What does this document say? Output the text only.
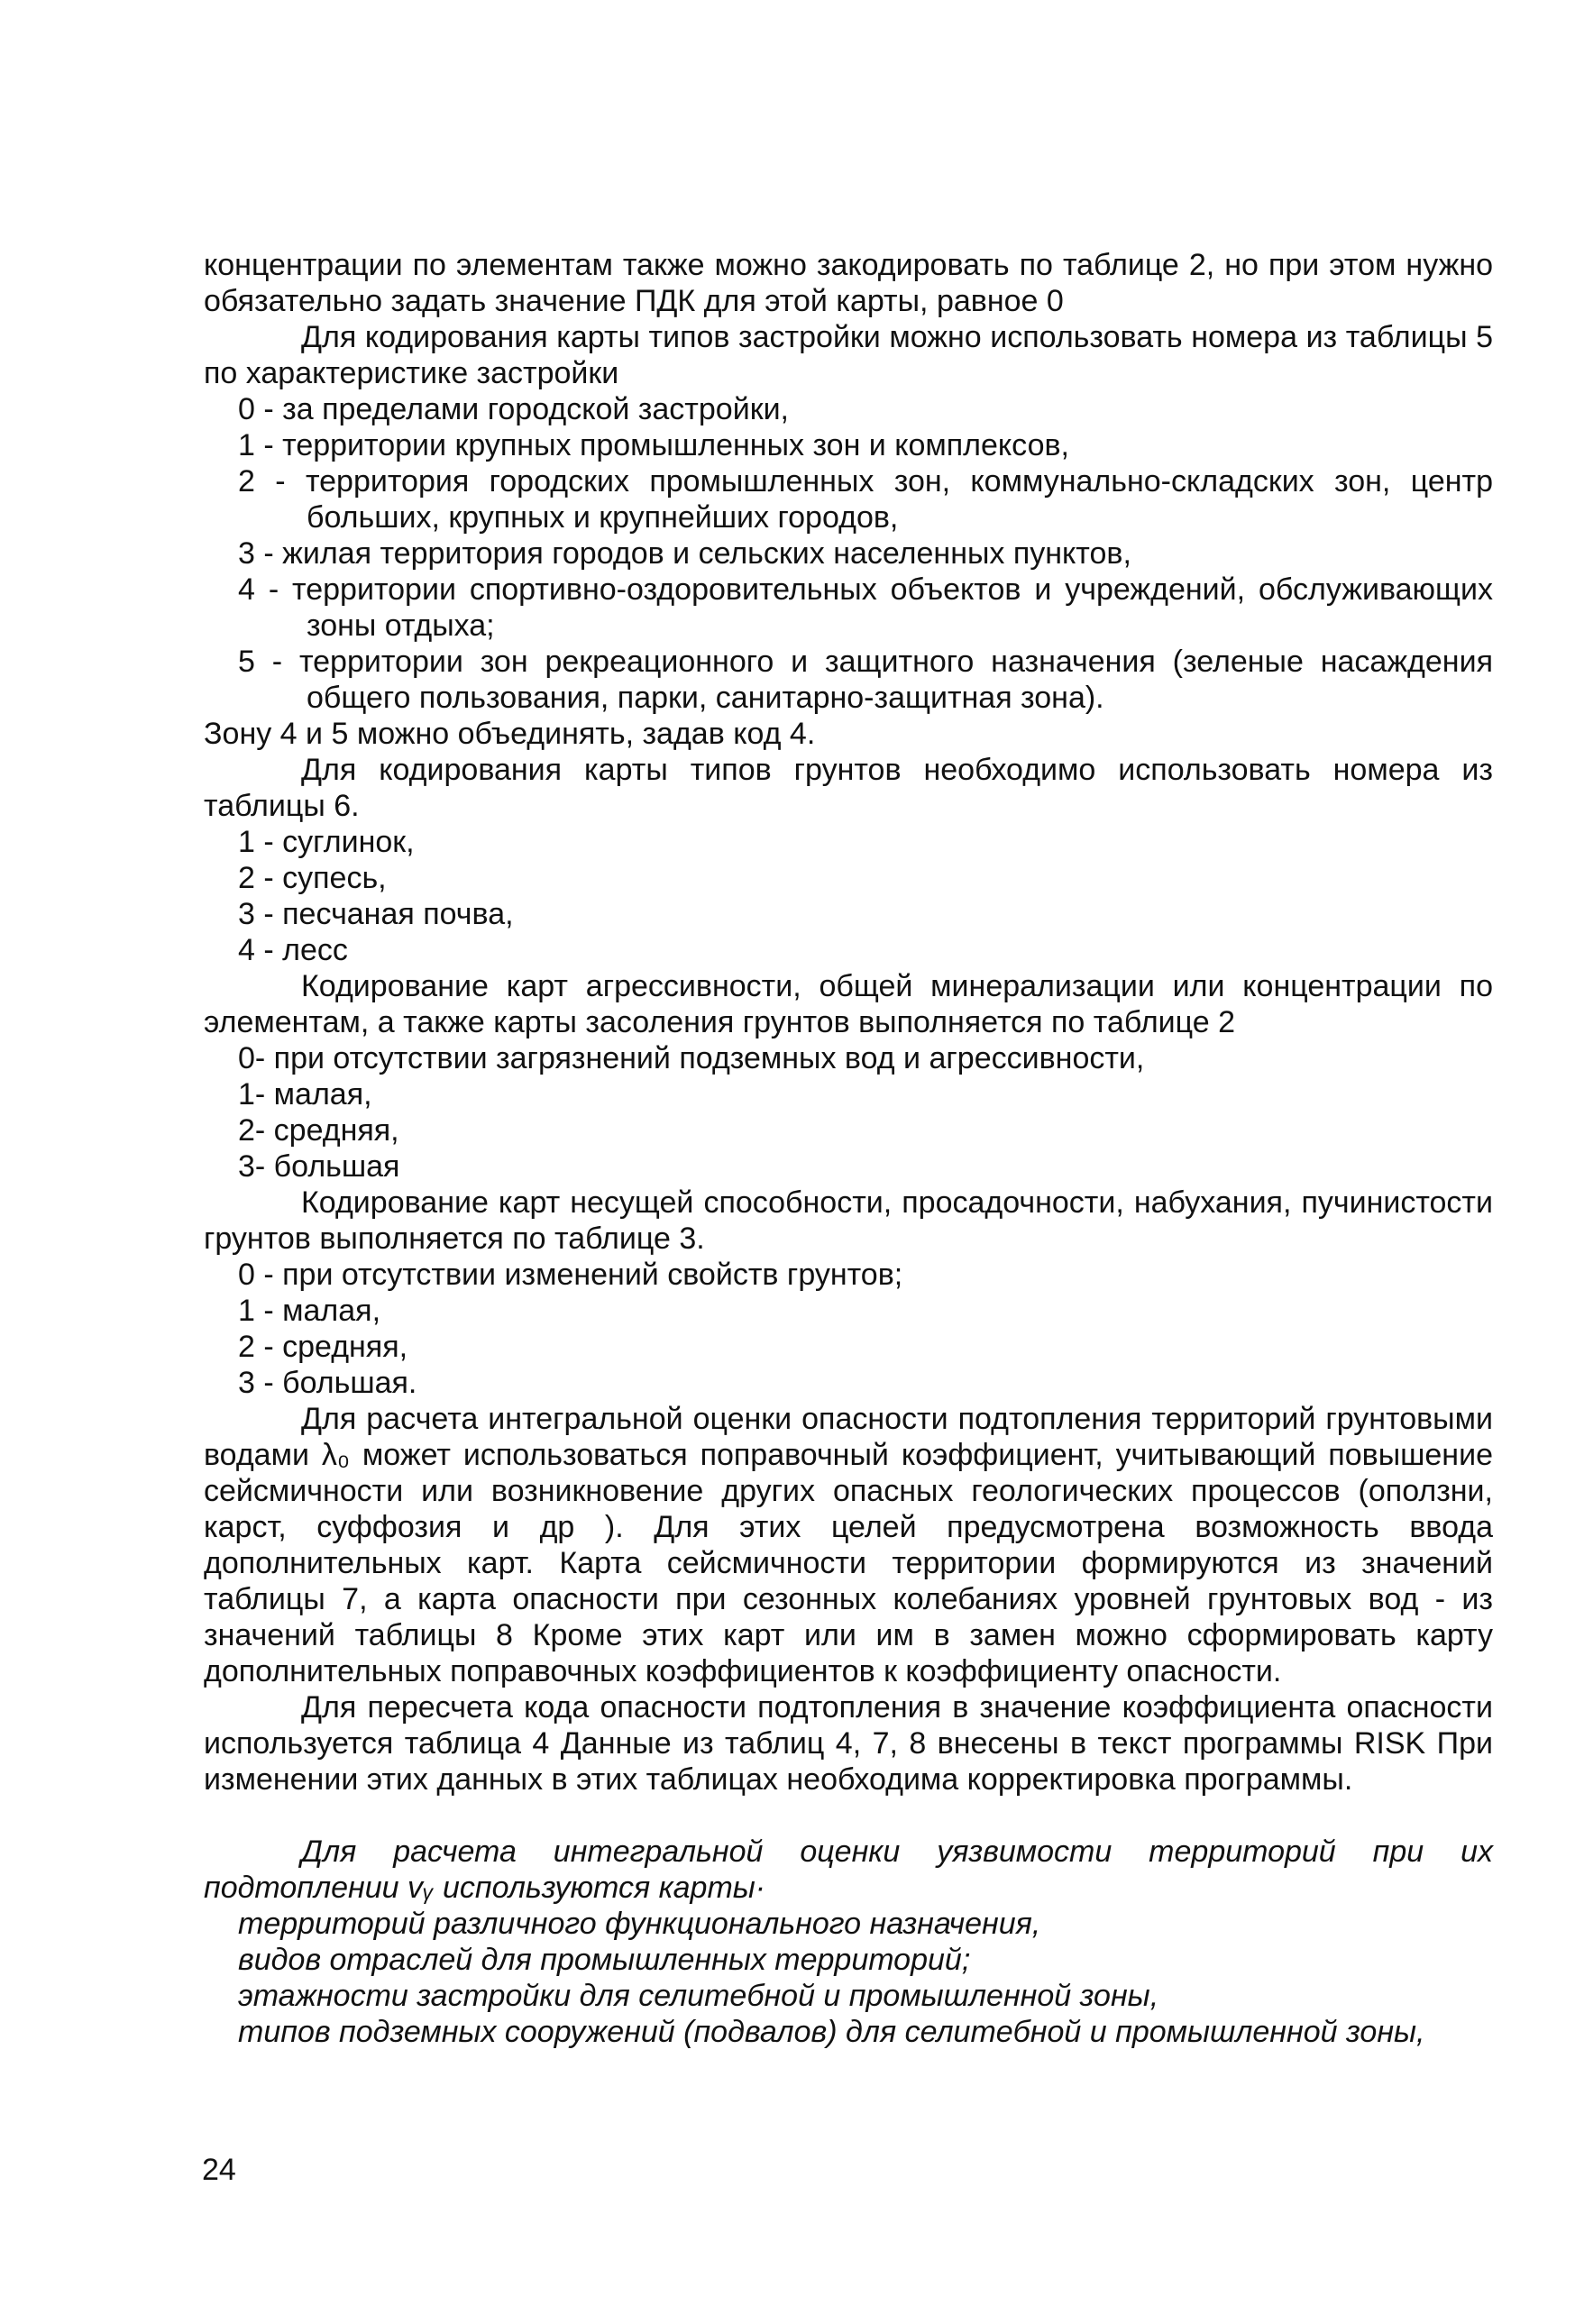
концентрации по элементам также можно закодировать по таблице 2, но при этом нужно обязательно задать значение ПДК для этой карты, равное 0

Для кодирования карты типов застройки можно использовать номера из таблицы 5 по характеристике застройки

0 - за пределами городской застройки,

1 - территории крупных промышленных зон и комплексов,

2 - территория городских промышленных зон, коммунально-складских зон, центр больших, крупных и крупнейших городов,

3 - жилая территория городов и сельских населенных пунктов,

4 - территории спортивно-оздоровительных объектов и учреждений, обслуживающих зоны отдыха;

5 - территории зон рекреационного и защитного назначения (зеленые насаждения общего пользования, парки, санитарно-защитная зона).

Зону 4 и 5 можно объединять, задав код 4.

Для кодирования карты типов грунтов необходимо использовать номера из таблицы 6.

1 - суглинок,

2 - супесь,

3 - песчаная почва,

4 - лесс

Кодирование карт агрессивности, общей минерализации или концентрации по элементам, а также карты засоления грунтов выполняется по таблице 2

0- при отсутствии загрязнений подземных вод и агрессивности,

1- малая,

2- средняя,

3- большая

Кодирование карт несущей способности, просадочности, набухания, пучинистости грунтов выполняется по таблице 3.

0 - при отсутствии изменений свойств грунтов;

1 - малая,

2 - средняя,

3 - большая.

Для расчета интегральной оценки опасности подтопления территорий грунтовыми водами λ₀ может использоваться поправочный коэффициент, учитывающий повышение сейсмичности или возникновение других опасных геологических процессов (оползни, карст, суффозия и др ). Для этих целей предусмотрена возможность ввода дополнительных карт. Карта сейсмичности территории формируются из значений таблицы 7, а карта опасности при сезонных колебаниях уровней грунтовых вод - из значений таблицы 8 Кроме этих карт или им в замен можно сформировать карту дополнительных поправочных коэффициентов к коэффициенту опасности.

Для пересчета кода опасности подтопления в значение коэффициента опасности используется таблица 4 Данные из таблиц 4, 7, 8 внесены в текст программы RISK При изменении этих данных в этих таблицах необходима корректировка программы.

Для расчета интегральной оценки уязвимости территорий при их подтоплении vᵧ используются карты·

территорий различного функционального назначения,

видов отраслей для промышленных территорий;

этажности застройки для селитебной и промышленной зоны,

типов подземных сооружений (подвалов) для селитебной и промышленной зоны,

24
